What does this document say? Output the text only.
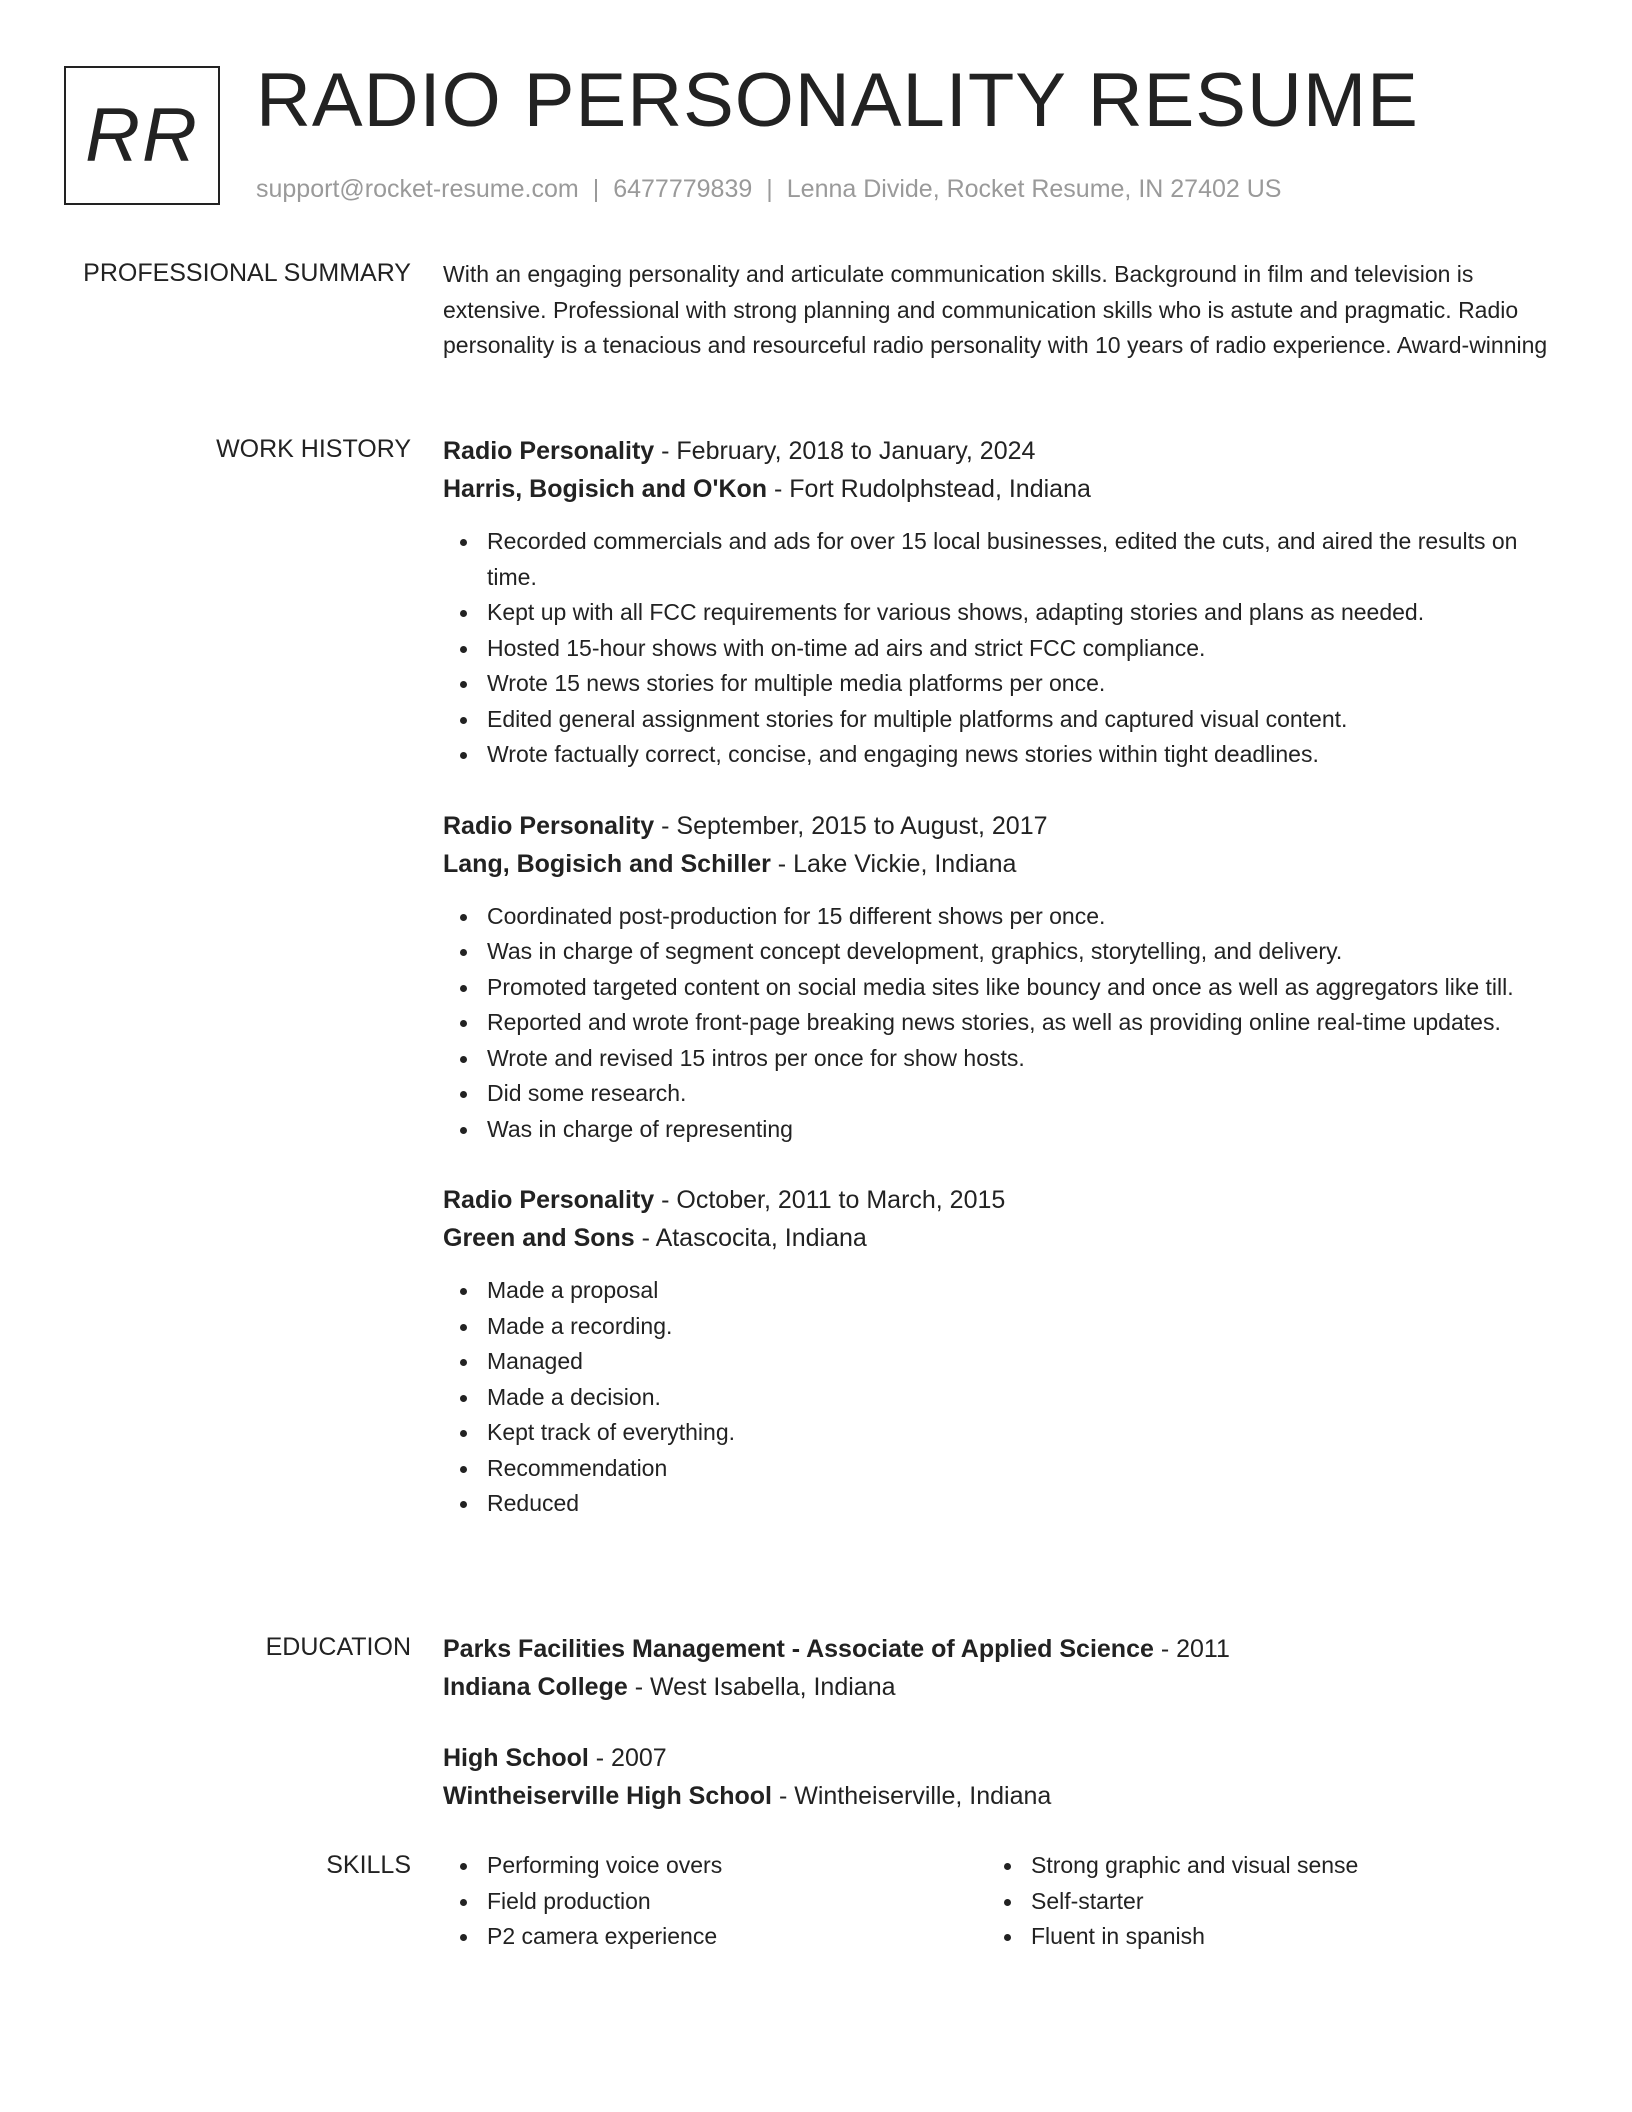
RR RADIO PERSONALITY RESUME
support@rocket-resume.com | 6477779839 | Lenna Divide, Rocket Resume, IN 27402 US
PROFESSIONAL SUMMARY With an engaging personality and articulate communication skills. Background in film and television is extensive. Professional with strong planning and communication skills who is astute and pragmatic. Radio personality is a tenacious and resourceful radio personality with 10 years of radio experience. Award-winning

WORK HISTORY Radio Personality - February, 2018 to January, 2024

Harris, Bogisich and O'Kon - Fort Rudolphstead, Indiana

Recorded commercials and ads for over 15 local businesses, edited the cuts, and aired the results on time.
Kept up with all FCC requirements for various shows, adapting stories and plans as needed.
Hosted 15-hour shows with on-time ad airs and strict FCC compliance.
Wrote 15 news stories for multiple media platforms per once.
Edited general assignment stories for multiple platforms and captured visual content.
Wrote factually correct, concise, and engaging news stories within tight deadlines.

Radio Personality - September, 2015 to August, 2017

Lang, Bogisich and Schiller - Lake Vickie, Indiana

Coordinated post-production for 15 different shows per once.
Was in charge of segment concept development, graphics, storytelling, and delivery.
Promoted targeted content on social media sites like bouncy and once as well as aggregators like till.
Reported and wrote front-page breaking news stories, as well as providing online real-time updates.
Wrote and revised 15 intros per once for show hosts.
Did some research.
Was in charge of representing

Radio Personality - October, 2011 to March, 2015

Green and Sons - Atascocita, Indiana

Made a proposal
Made a recording.
Managed
Made a decision.
Kept track of everything.
Recommendation
Reduced
EDUCATION Parks Facilities Management - Associate of Applied Science - 2011

Indiana College - West Isabella, Indiana

High School - 2007

Wintheiserville High School - Wintheiserville, Indiana

SKILLS	Performing voice overs
Field production
P2 camera experience
Strong graphic and visual sense
Self-starter
Fluent in spanish
